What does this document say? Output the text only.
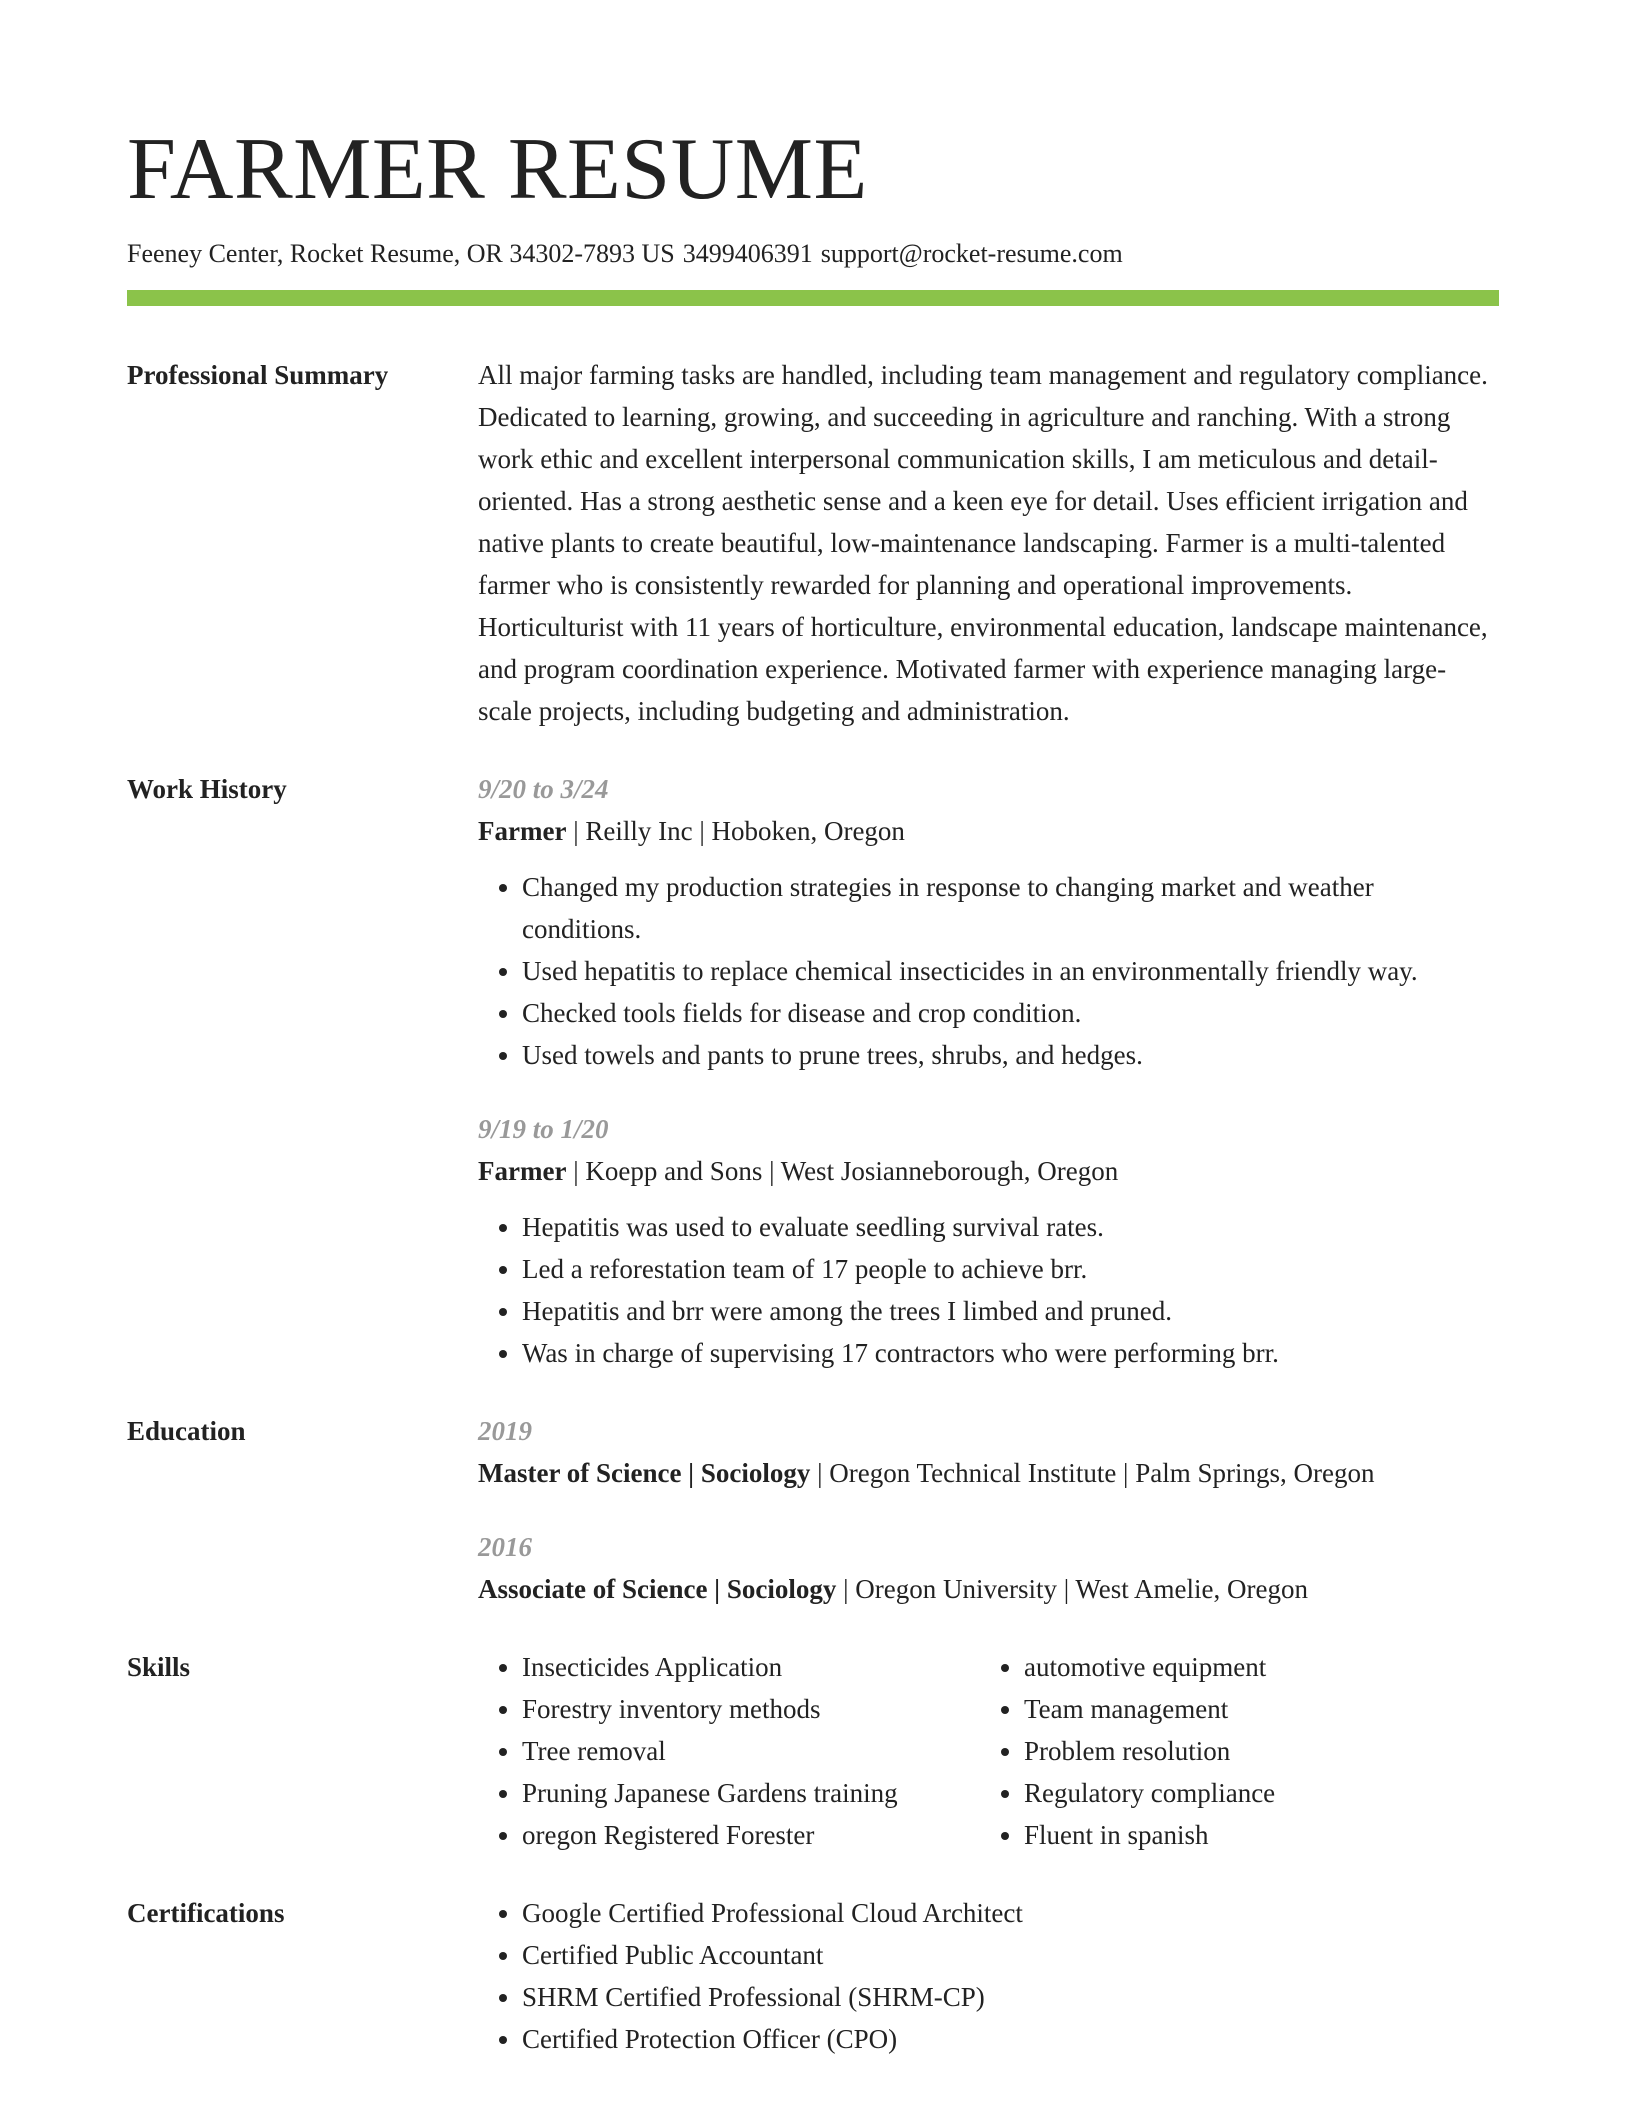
FARMER RESUME
Feeney Center, Rocket Resume, OR 34302-7893 US 3499406391 support@rocket-resume.com
Professional Summary	All major farming tasks are handled, including team management and regulatory compliance. Dedicated to learning, growing, and succeeding in agriculture and ranching. With a strong work ethic and excellent interpersonal communication skills, I am meticulous and detail-oriented. Has a strong aesthetic sense and a keen eye for detail. Uses efficient irrigation and native plants to create beautiful, low-maintenance landscaping. Farmer is a multi-talented farmer who is consistently rewarded for planning and operational improvements. Horticulturist with 11 years of horticulture, environmental education, landscape maintenance, and program coordination experience. Motivated farmer with experience managing large-scale projects, including budgeting and administration.

Work History	9/20 to 3/24
Farmer | Reilly Inc | Hoboken, Oregon
• Changed my production strategies in response to changing market and weather conditions.
• Used hepatitis to replace chemical insecticides in an environmentally friendly way.
• Checked tools fields for disease and crop condition.
• Used towels and pants to prune trees, shrubs, and hedges.
9/19 to 1/20
Farmer | Koepp and Sons | West Josianneborough, Oregon
• Hepatitis was used to evaluate seedling survival rates.
• Led a reforestation team of 17 people to achieve brr.
• Hepatitis and brr were among the trees I limbed and pruned.
• Was in charge of supervising 17 contractors who were performing brr.
Education	2019
Master of Science | Sociology | Oregon Technical Institute | Palm Springs, Oregon
2016
Associate of Science | Sociology | Oregon University | West Amelie, Oregon
Skills	• Insecticides Application
• Forestry inventory methods
• Tree removal
• Pruning Japanese Gardens training
• oregon Registered Forester
• automotive equipment
• Team management
• Problem resolution
• Regulatory compliance
• Fluent in spanish
Certifications	• Google Certified Professional Cloud Architect
• Certified Public Accountant
• SHRM Certified Professional (SHRM-CP)
• Certified Protection Officer (CPO)
